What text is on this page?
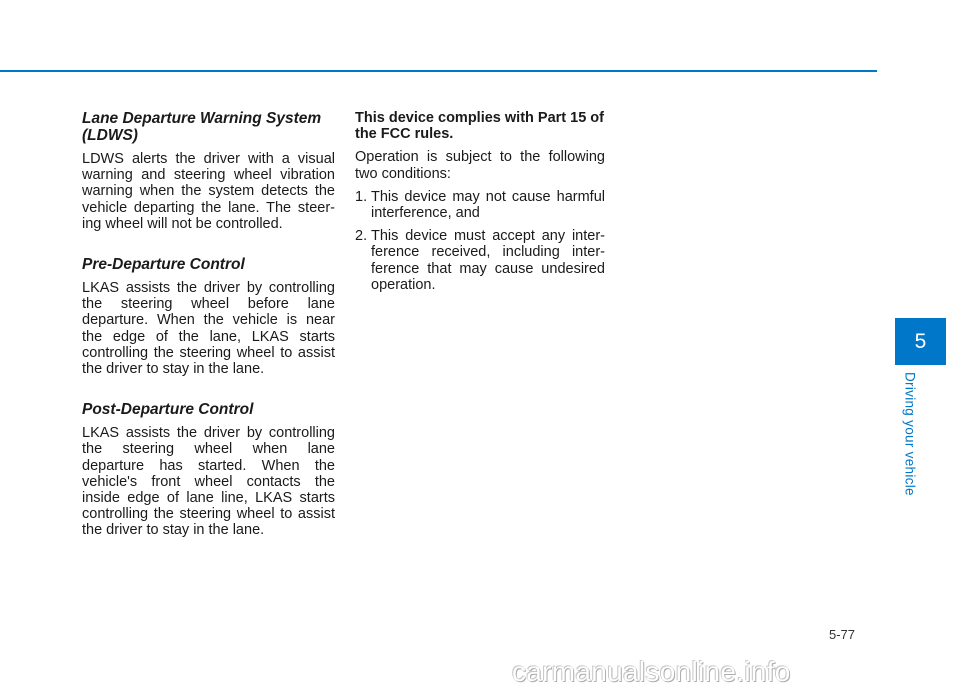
Lane Departure Warning System
(LDWS)

LDWS alerts the driver with a visual warning and steering wheel vibration warning when the system detects the vehicle departing the lane. The steering wheel will not be controlled.

Pre-Departure Control

LKAS assists the driver by controlling the steering wheel before lane departure. When the vehicle is near the edge of the lane, LKAS starts controlling the steering wheel to assist the driver to stay in the lane.

Post-Departure Control

LKAS assists the driver by controlling the steering wheel when lane departure has started. When the vehicle's front wheel contacts the inside edge of lane line, LKAS starts controlling the steering wheel to assist the driver to stay in the lane.

This device complies with Part 15 of the FCC rules.

Operation is subject to the following two conditions:

1. This device may not cause harmful interference, and
2. This device must accept any interference received, including interference that may cause undesired operation.
5
Driving your vehicle
5-77
carmanualsonline.info
